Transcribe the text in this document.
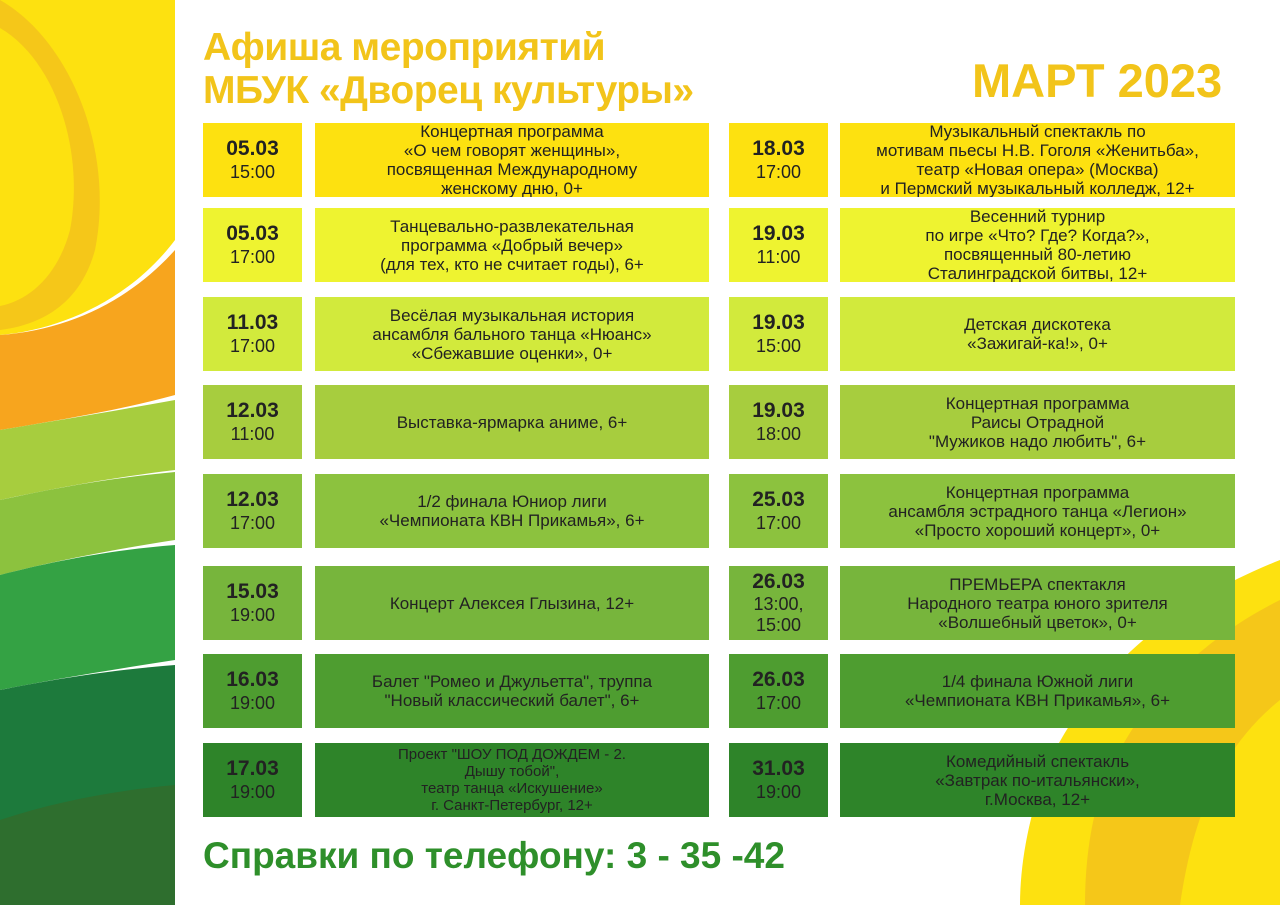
Афиша мероприятий
МБУК «Дворец культуры»	МАРТ 2023
05.03
15:00
Концертная программа
«О чем говорят женщины»,
посвященная Международному
женскому дню, 0+
05.03
17:00
Танцевально-развлекательная
программа «Добрый вечер»
(для тех, кто не считает годы), 6+
11.03
17:00
Весёлая музыкальная история
ансамбля бального танца «Нюанс»
«Сбежавшие оценки», 0+
12.03
11:00
Выставка-ярмарка аниме, 6+
12.03
17:00
1/2 финала Юниор лиги
«Чемпионата КВН Прикамья», 6+
15.03
19:00
Концерт Алексея Глызина, 12+
16.03
19:00
Балет "Ромео и Джульетта", труппа
"Новый классический балет", 6+
17.03
19:00
Проект "ШОУ ПОД ДОЖДЕМ - 2.
Дышу тобой",
театр танца «Искушение»
г. Санкт-Петербург, 12+
18.03
17:00
Музыкальный спектакль по
мотивам пьесы Н.В. Гоголя «Женитьба»,
театр «Новая опера» (Москва)
и Пермский музыкальный колледж, 12+
19.03
11:00
Весенний турнир
по игре «Что? Где? Когда?»,
посвященный 80-летию
Сталинградской битвы, 12+
19.03
15:00
Детская дискотека
«Зажигай-ка!», 0+
19.03
18:00
Концертная программа
Раисы Отрадной
"Мужиков надо любить", 6+
25.03
17:00
Концертная программа
ансамбля эстрадного танца «Легион»
«Просто хороший концерт», 0+
26.03
13:00,
15:00
ПРЕМЬЕРА спектакля
Народного театра юного зрителя
«Волшебный цветок», 0+
26.03
17:00
1/4 финала Южной лиги
«Чемпионата КВН Прикамья», 6+
31.03
19:00
Комедийный спектакль
«Завтрак по-итальянски»,
г.Москва, 12+
Справки по телефону: 3 - 35 -42
